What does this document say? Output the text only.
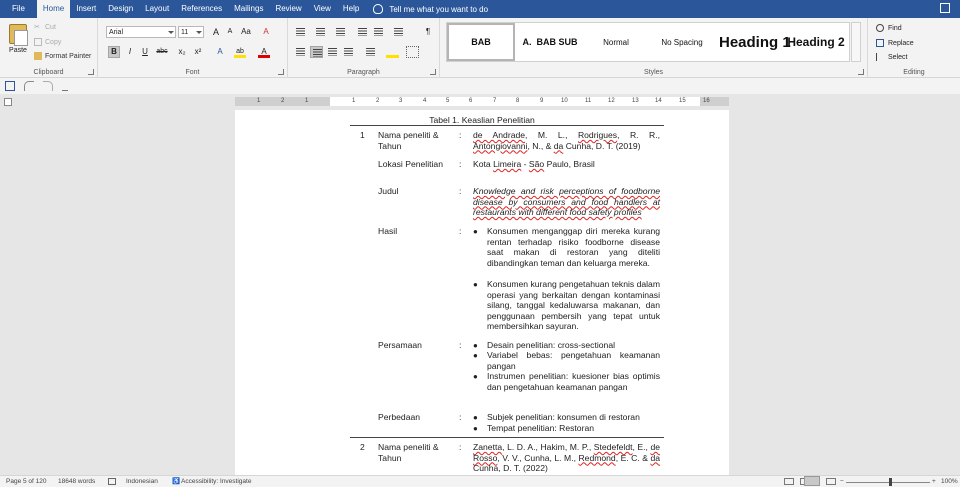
File	Home	Insert	Design	Layout	References	Mailings	Review	View	Help	Tell me what you want to do
Paste
✂ Cut
Copy
Format Painter
Clipboard
Arial	11	A	A	Aa	A
B	I	U	abc	x₂	x²	A	ab	A
Font
¶
Paragraph	Styles
BAB	A.  BAB SUB	Normal	No Spacing	Heading 1
Heading 2
Editing
Find
Replace
Select
1	2	1	1	2	3	4	5	6	7	8	9	10	11	12	13	14	15	16
Tabel 1. Keaslian Penelitian
1 Nama peneliti & Tahun
: de Andrade, M. L., Rodrigues, R. R., Antongiovanni, N., & da Cunha, D. T. (2019)
Lokasi Penelitian : Kota Limeira - São Paulo, Brasil
Judul	: Knowledge and risk perceptions of foodborne disease by consumers and food handlers at restaurants with different food safety profiles
Hasil	: ● Konsumen menganggap diri mereka kurang rentan terhadap risiko foodborne disease saat makan di restoran yang diteliti dibandingkan teman dan keluarga mereka.
● Konsumen kurang pengetahuan teknis dalam operasi yang berkaitan dengan kontaminasi silang, tanggal kedaluwarsa makanan, dan penggunaan pembersih yang tepat untuk membersihkan sayuran.
Persamaan	: ● Desain penelitian: cross-sectional
● Variabel bebas: pengetahuan keamanan pangan
● Instrumen penelitian: kuesioner bias optimis dan pengetahuan keamanan pangan
Perbedaan	: ● Subjek penelitian: konsumen di restoran
● Tempat penelitian: Restoran
2 Nama peneliti & Tahun
: Zanetta, L. D. A., Hakim, M. P., Stedefeldt, E., de Rosso, V. V., Cunha, L. M., Redmond, E. C. & da Cunha, D. T. (2022)
Page 5 of 120 18648 words	Indonesian ♿ Accessibility: Investigate	−	+ 100%
